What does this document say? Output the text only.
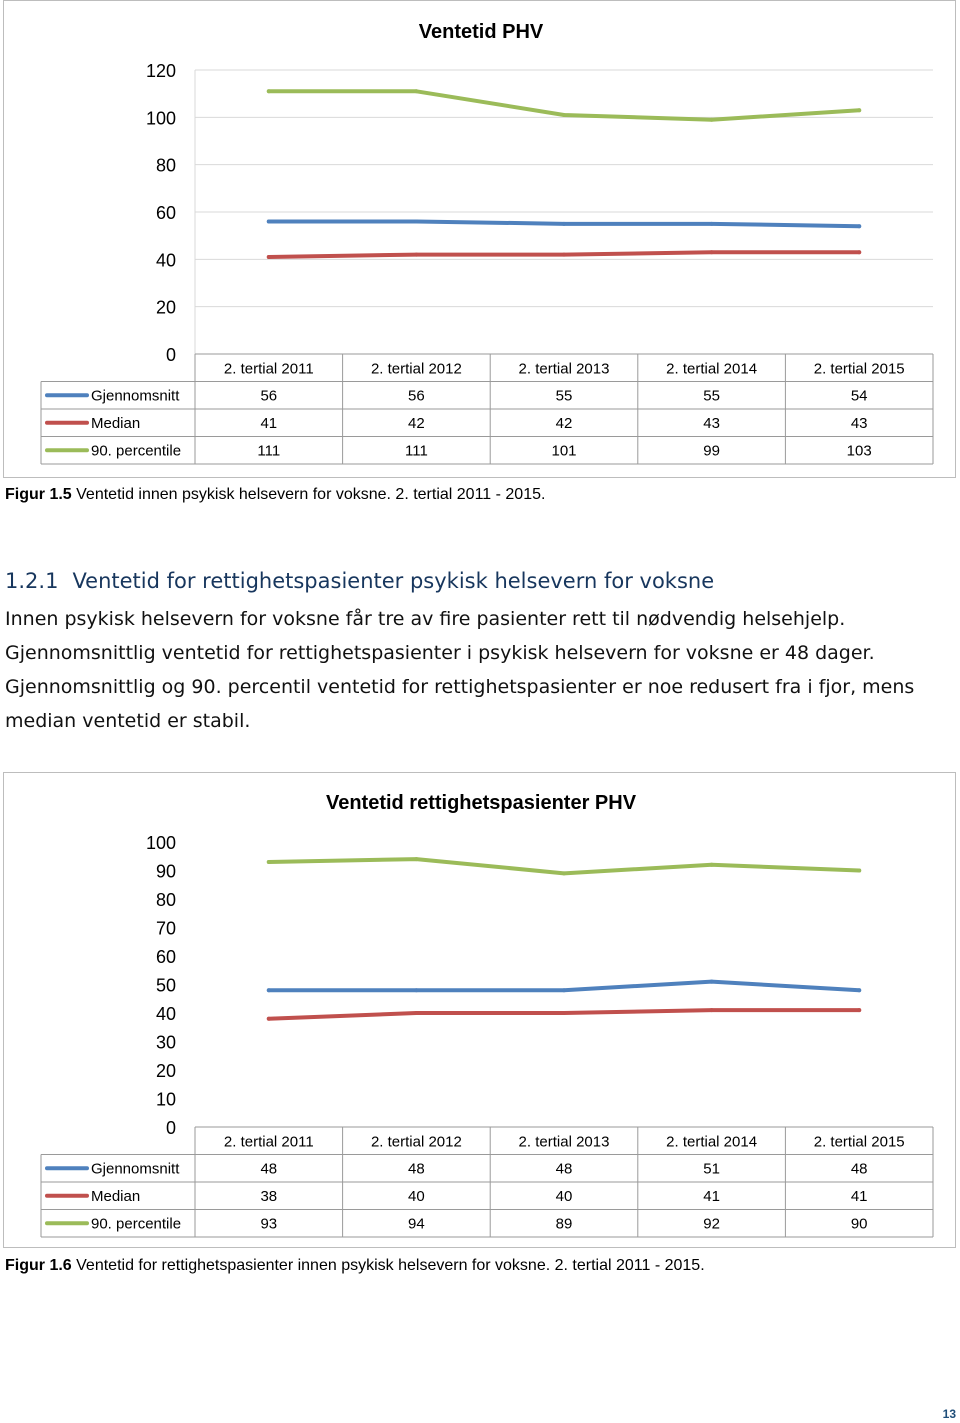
Ventetid PHV
0
20
40
60
80
100
120
2. tertial 2011	2. tertial 2012	2. tertial 2013	2. tertial 2014	2. tertial 2015
Gjennomsnitt	56	56	55	55	54
Median	41	42	42	43	43
90. percentile	111	111	101	99	103
Figur 1.5 Ventetid innen psykisk helsevern for voksne. 2. tertial 2011 - 2015.
1.2.1 Ventetid for rettighetspasienter psykisk helsevern for voksne

Innen psykisk helsevern for voksne får tre av fire pasienter rett til nødvendig helsehjelp. Gjennomsnittlig ventetid for rettighetspasienter i psykisk helsevern for voksne er 48 dager. Gjennomsnittlig og 90. percentil ventetid for rettighetspasienter er noe redusert fra i fjor, mens median ventetid er stabil.

Ventetid rettighetspasienter PHV
0
10
20
30
40
50
60
70
80
90
100
2. tertial 2011	2. tertial 2012	2. tertial 2013	2. tertial 2014	2. tertial 2015
Gjennomsnitt	48	48	48	51	48
Median	38	40	40	41	41
90. percentile	93	94	89	92	90
Figur 1.6 Ventetid for rettighetspasienter innen psykisk helsevern for voksne. 2. tertial 2011 - 2015.
13
